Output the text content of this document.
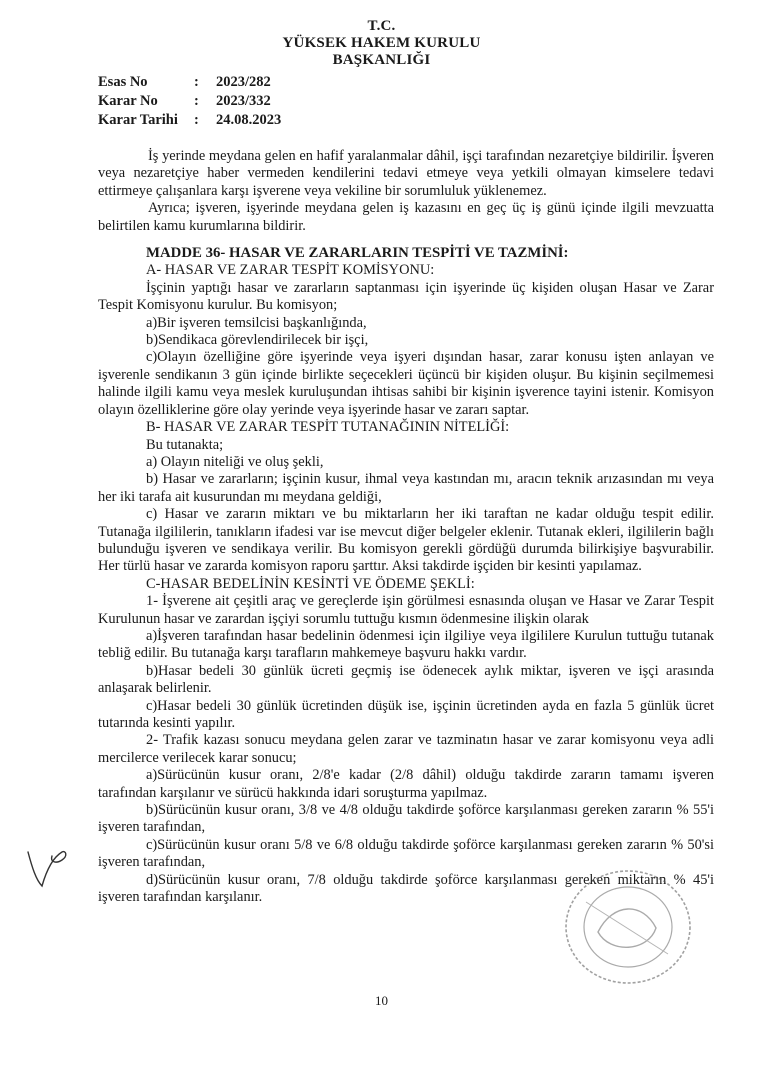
T.C.
YÜKSEK HAKEM KURULU
BAŞKANLIĞI
Esas No	:	2023/282
Karar No	:	2023/332
Karar Tarihi	:	24.08.2023

İş yerinde meydana gelen en hafif yaralanmalar dâhil, işçi tarafından nezaretçiye bildirilir. İşveren veya nezaretçiye haber vermeden kendilerini tedavi etmeye veya yetkili olmayan kimselere tedavi ettirmeye çalışanlara karşı işverene veya vekiline bir sorumluluk yüklenemez.

Ayrıca; işveren, işyerinde meydana gelen iş kazasını en geç üç iş günü içinde ilgili mevzuatta belirtilen kamu kurumlarına bildirir.

MADDE 36- HASAR VE ZARARLARIN TESPİTİ VE TAZMİNİ:

A- HASAR VE ZARAR TESPİT KOMİSYONU:

İşçinin yaptığı hasar ve zararların saptanması için işyerinde üç kişiden oluşan Hasar ve Zarar Tespit Komisyonu kurulur. Bu komisyon;

a)Bir işveren temsilcisi başkanlığında,

b)Sendikaca görevlendirilecek bir işçi,

c)Olayın özelliğine göre işyerinde veya işyeri dışından hasar, zarar konusu işten anlayan ve işverenle sendikanın 3 gün içinde birlikte seçecekleri üçüncü bir kişiden oluşur. Bu kişinin seçilmemesi halinde ilgili kamu veya meslek kuruluşundan ihtisas sahibi bir kişinin işverence tayini istenir. Komisyon olayın özelliklerine göre olay yerinde veya işyerinde hasar ve zararı saptar.

B- HASAR VE ZARAR TESPİT TUTANAĞININ NİTELİĞİ:

Bu tutanakta;

a) Olayın niteliği ve oluş şekli,

b) Hasar ve zararların; işçinin kusur, ihmal veya kastından mı, aracın teknik arızasından mı veya her iki tarafa ait kusurundan mı meydana geldiği,

c) Hasar ve zararın miktarı ve bu miktarların her iki taraftan ne kadar olduğu tespit edilir. Tutanağa ilgililerin, tanıkların ifadesi var ise mevcut diğer belgeler eklenir. Tutanak ekleri, ilgililerin bağlı bulunduğu işveren ve sendikaya verilir. Bu komisyon gerekli gördüğü durumda bilirkişiye başvurabilir. Her türlü hasar ve zararda komisyon raporu şarttır. Aksi takdirde işçiden bir kesinti yapılamaz.

C-HASAR BEDELİNİN KESİNTİ VE ÖDEME ŞEKLİ:

1- İşverene ait çeşitli araç ve gereçlerde işin görülmesi esnasında oluşan ve Hasar ve Zarar Tespit Kurulunun hasar ve zarardan işçiyi sorumlu tuttuğu kısmın ödenmesine ilişkin olarak

a)İşveren tarafından hasar bedelinin ödenmesi için ilgiliye veya ilgililere Kurulun tuttuğu tutanak tebliğ edilir. Bu tutanağa karşı tarafların mahkemeye başvuru hakkı vardır.

b)Hasar bedeli 30 günlük ücreti geçmiş ise ödenecek aylık miktar, işveren ve işçi arasında anlaşarak belirlenir.

c)Hasar bedeli 30 günlük ücretinden düşük ise, işçinin ücretinden ayda en fazla 5 günlük ücret tutarında kesinti yapılır.

2- Trafik kazası sonucu meydana gelen zarar ve tazminatın hasar ve zarar komisyonu veya adli mercilerce verilecek karar sonucu;

a)Sürücünün kusur oranı, 2/8'e kadar (2/8 dâhil) olduğu takdirde zararın tamamı işveren tarafından karşılanır ve sürücü hakkında idari soruşturma yapılmaz.

b)Sürücünün kusur oranı, 3/8 ve 4/8 olduğu takdirde şoförce karşılanması gereken zararın % 55'i işveren tarafından,

c)Sürücünün kusur oranı 5/8 ve 6/8 olduğu takdirde şoförce karşılanması gereken zararın % 50'si işveren tarafından,

d)Sürücünün kusur oranı, 7/8 olduğu takdirde şoförce karşılanması gereken miktarın % 45'i işveren tarafından karşılanır.

10
